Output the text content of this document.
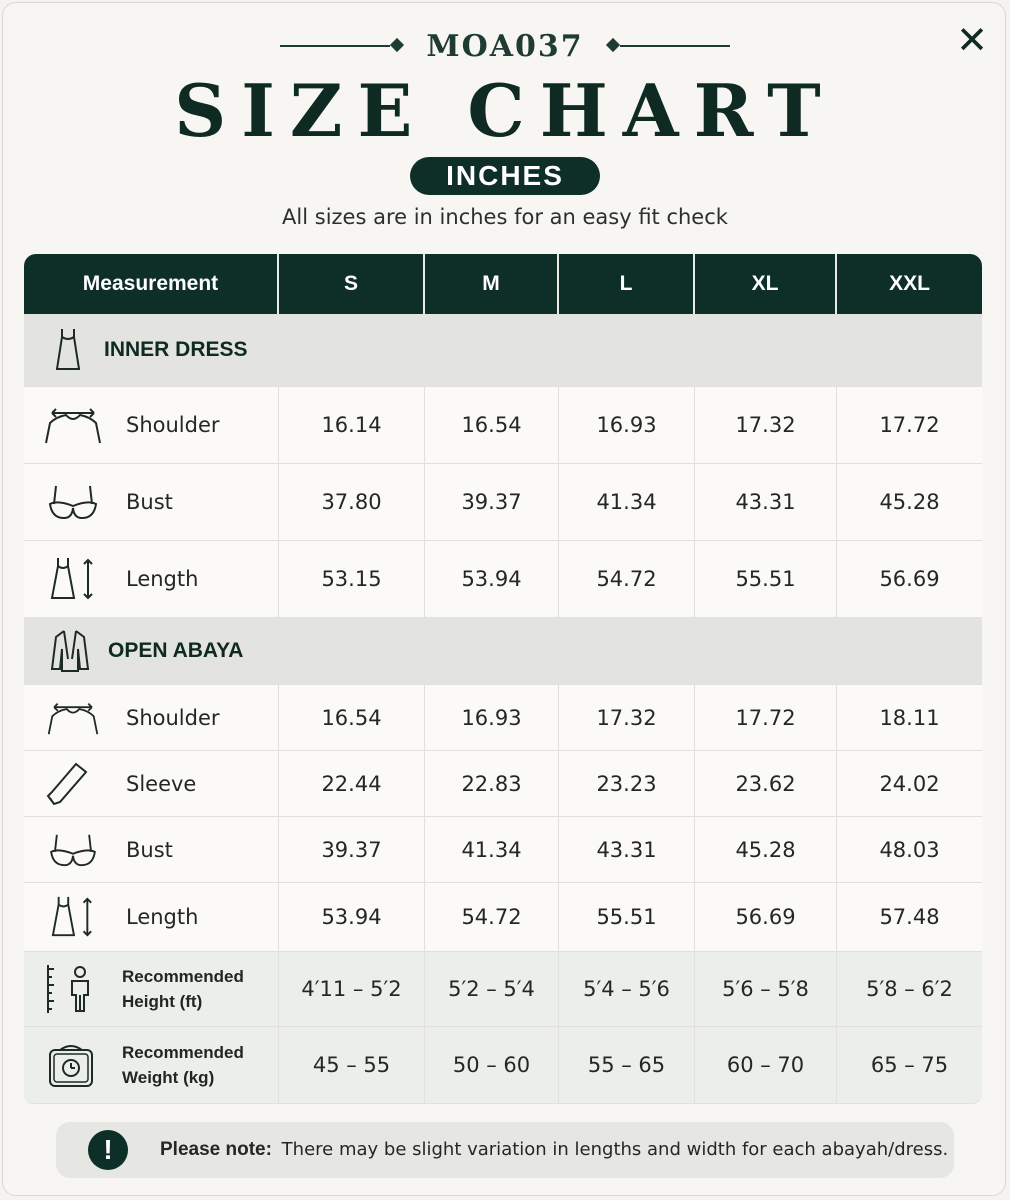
✕
MOA037
SIZE CHART
INCHES
All sizes are in inches for an easy fit check
Measurement	S	M	L	XL	XXL

INNER DRESS					

Shoulder	16.14	16.54	16.93	17.32	17.72

Bust	37.80	39.37	41.34	43.31	45.28

Length	53.15	53.94	54.72	55.51	56.69

OPEN ABAYA					

Shoulder	16.54	16.93	17.32	17.72	18.11

Sleeve	22.44	22.83	23.23	23.62	24.02

Bust	39.37	41.34	43.31	45.28	48.03

Length	53.94	54.72	55.51	56.69	57.48

Recommended
Height (ft)	4′11 – 5′2	5′2 – 5′4	5′4 – 5′6	5′6 – 5′8	5′8 – 6′2

Recommended
Weight (kg)	45 – 55	50 – 60	55 – 65	60 – 70	65 – 75
!	Please note: There may be slight variation in lengths and width for each abayah/dress.
